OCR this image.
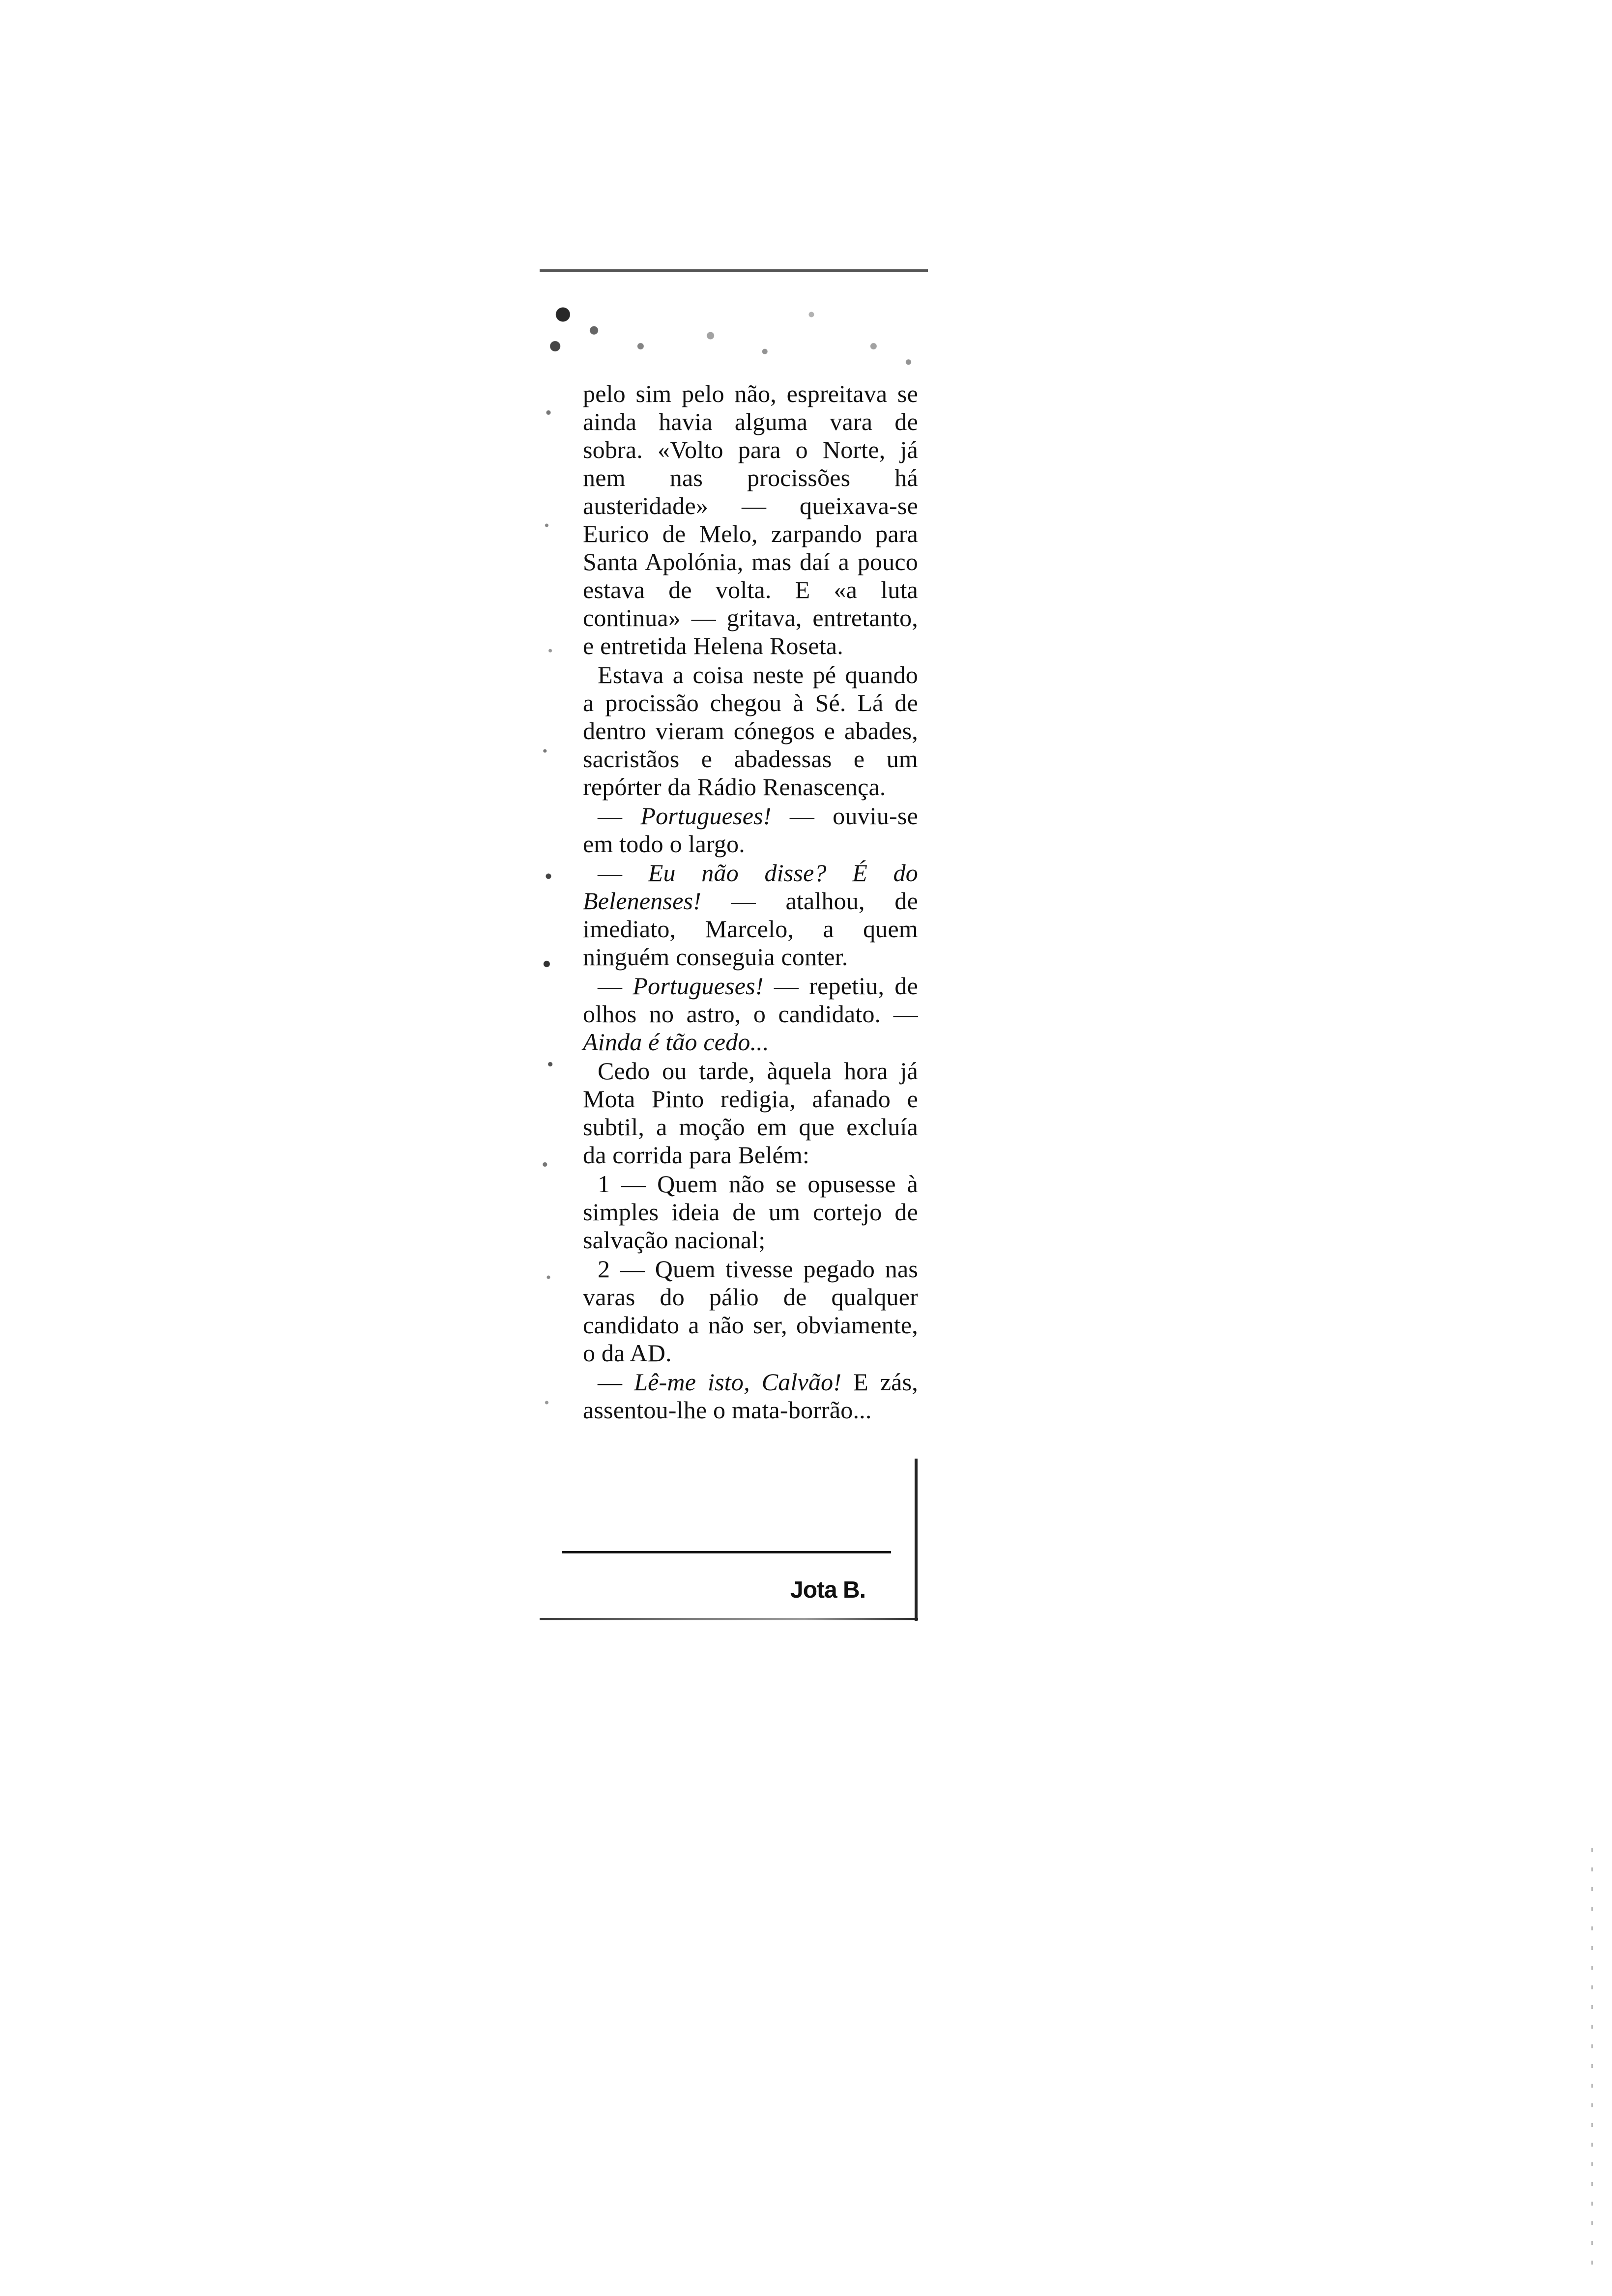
pelo sim pelo não, espreitava se ainda havia alguma vara de sobra. «Volto para o Norte, já nem nas procissões há austeridade» — queixava-se Eurico de Melo, zarpando para Santa Apolónia, mas daí a pouco estava de volta. E «a luta continua» — gritava, entretanto, e entretida Helena Roseta.

Estava a coisa neste pé quando a procissão chegou à Sé. Lá de dentro vieram cónegos e abades, sacristãos e abadessas e um repórter da Rádio Renascença.

— Portugueses! — ouviu-se em todo o largo.

— Eu não disse? É do Belenenses! — atalhou, de imediato, Marcelo, a quem ninguém conseguia conter.

— Portugueses! — repetiu, de olhos no astro, o candidato. — Ainda é tão cedo...

Cedo ou tarde, àquela hora já Mota Pinto redigia, afanado e subtil, a moção em que excluía da corrida para Belém:

1 — Quem não se opusesse à simples ideia de um cortejo de salvação nacional;

2 — Quem tivesse pegado nas varas do pálio de qualquer candidato a não ser, obviamente, o da AD.

— Lê-me isto, Calvão! E zás, assentou-lhe o mata-borrão...

Jota B.
